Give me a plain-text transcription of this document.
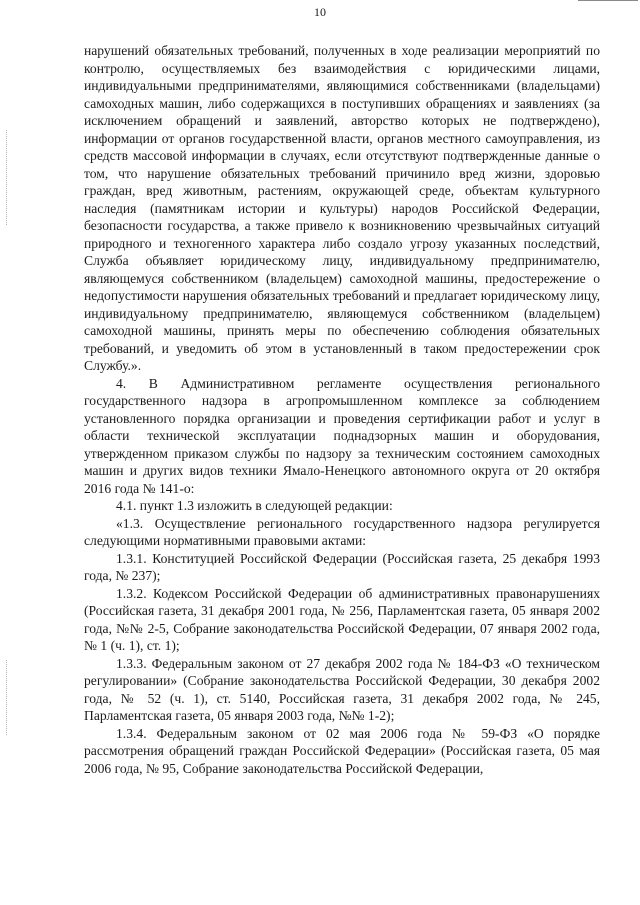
10

нарушений обязательных требований, полученных в ходе реализации мероприятий по контролю, осуществляемых без взаимодействия с юридическими лицами, индивидуальными предпринимателями, являющимися собственниками (владельцами) самоходных машин, либо содержащихся в поступивших обращениях и заявлениях (за исключением обращений и заявлений, авторство которых не подтверждено), информации от органов государственной власти, органов местного самоуправления, из средств массовой информации в случаях, если отсутствуют подтвержденные данные о том, что нарушение обязательных требований причинило вред жизни, здоровью граждан, вред животным, растениям, окружающей среде, объектам культурного наследия (памятникам истории и культуры) народов Российской Федерации, безопасности государства, а также привело к возникновению чрезвычайных ситуаций природного и техногенного характера либо создало угрозу указанных последствий, Служба объявляет юридическому лицу, индивидуальному предпринимателю, являющемуся собственником (владельцем) самоходной машины, предостережение о недопустимости нарушения обязательных требований и предлагает юридическому лицу, индивидуальному предпринимателю, являющемуся собственником (владельцем) самоходной машины, принять меры по обеспечению соблюдения обязательных требований, и уведомить об этом в установленный в таком предостережении срок Службу.».

4. В Административном регламенте осуществления регионального государственного надзора в агропромышленном комплексе за соблюдением установленного порядка организации и проведения сертификации работ и услуг в области технической эксплуатации поднадзорных машин и оборудования, утвержденном приказом службы по надзору за техническим состоянием самоходных машин и других видов техники Ямало-Ненецкого автономного округа от 20 октября 2016 года № 141-о:

4.1. пункт 1.3 изложить в следующей редакции:

«1.3. Осуществление регионального государственного надзора регулируется следующими нормативными правовыми актами:

1.3.1. Конституцией Российской Федерации (Российская газета, 25 декабря 1993 года, № 237);

1.3.2. Кодексом Российской Федерации об административных правонарушениях (Российская газета, 31 декабря 2001 года, № 256, Парламентская газета, 05 января 2002 года, №№ 2-5, Собрание законодательства Российской Федерации, 07 января 2002 года, № 1 (ч. 1), ст. 1);

1.3.3. Федеральным законом от 27 декабря 2002 года № 184-ФЗ «О техническом регулировании» (Собрание законодательства Российской Федерации, 30 декабря 2002 года, № 52 (ч. 1), ст. 5140, Российская газета, 31 декабря 2002 года, № 245, Парламентская газета, 05 января 2003 года, №№ 1-2);

1.3.4. Федеральным законом от 02 мая 2006 года № 59-ФЗ «О порядке рассмотрения обращений граждан Российской Федерации» (Российская газета, 05 мая 2006 года, № 95, Собрание законодательства Российской Федерации,
